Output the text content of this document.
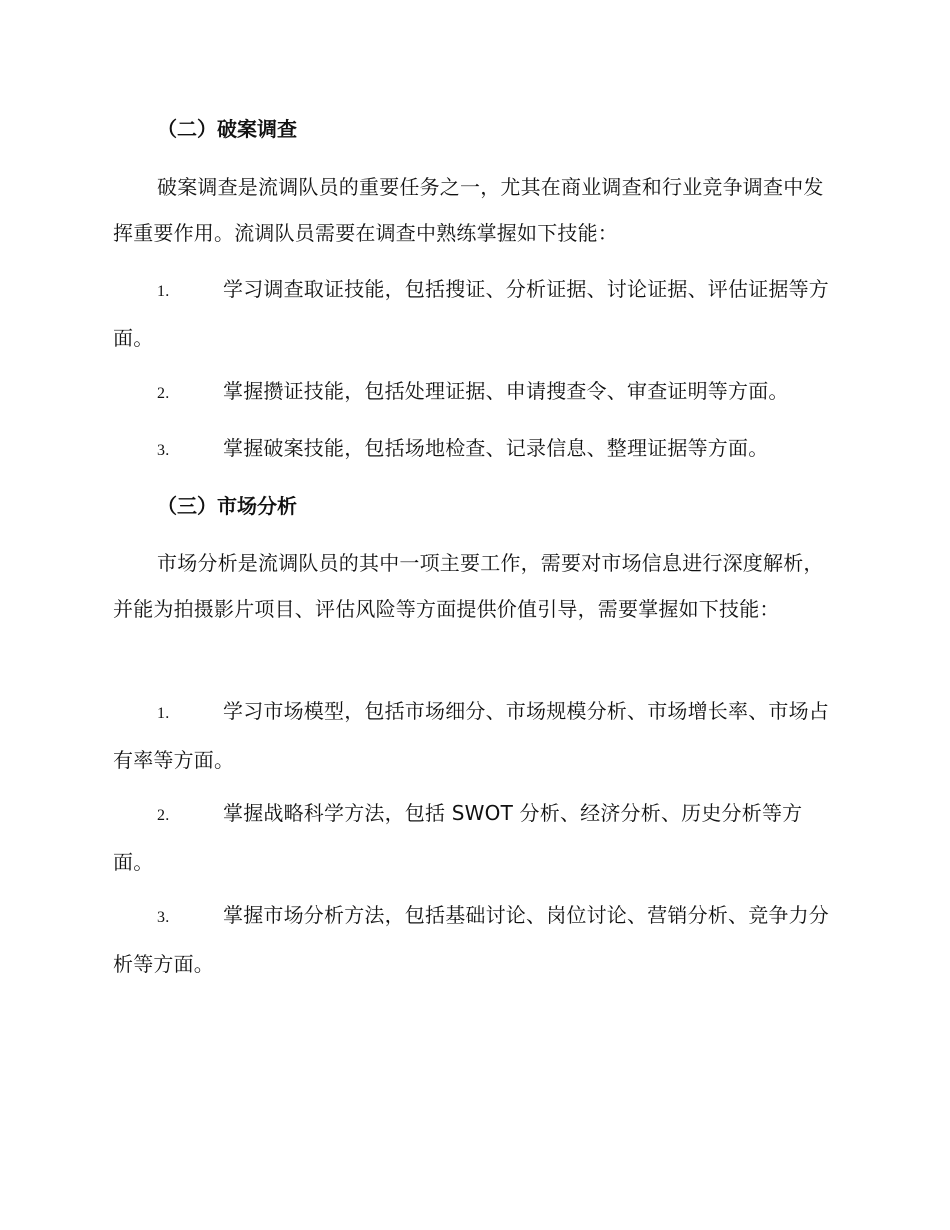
（二）破案调查
破案调查是流调队员的重要任务之一，尤其在商业调查和行业竞争调查中发挥重要作用。流调队员需要在调查中熟练掌握如下技能：
1.	学习调查取证技能，包括搜证、分析证据、讨论证据、评估证据等方面。
2.	掌握攒证技能，包括处理证据、申请搜查令、审查证明等方面。
3.	掌握破案技能，包括场地检查、记录信息、整理证据等方面。
（三）市场分析
市场分析是流调队员的其中一项主要工作，需要对市场信息进行深度解析，并能为拍摄影片项目、评估风险等方面提供价值引导，需要掌握如下技能：
1.	学习市场模型，包括市场细分、市场规模分析、市场增长率、市场占有率等方面。
2.	掌握战略科学方法，包括 SWOT 分析、经济分析、历史分析等方面。
3.	掌握市场分析方法，包括基础讨论、岗位讨论、营销分析、竞争力分析等方面。
